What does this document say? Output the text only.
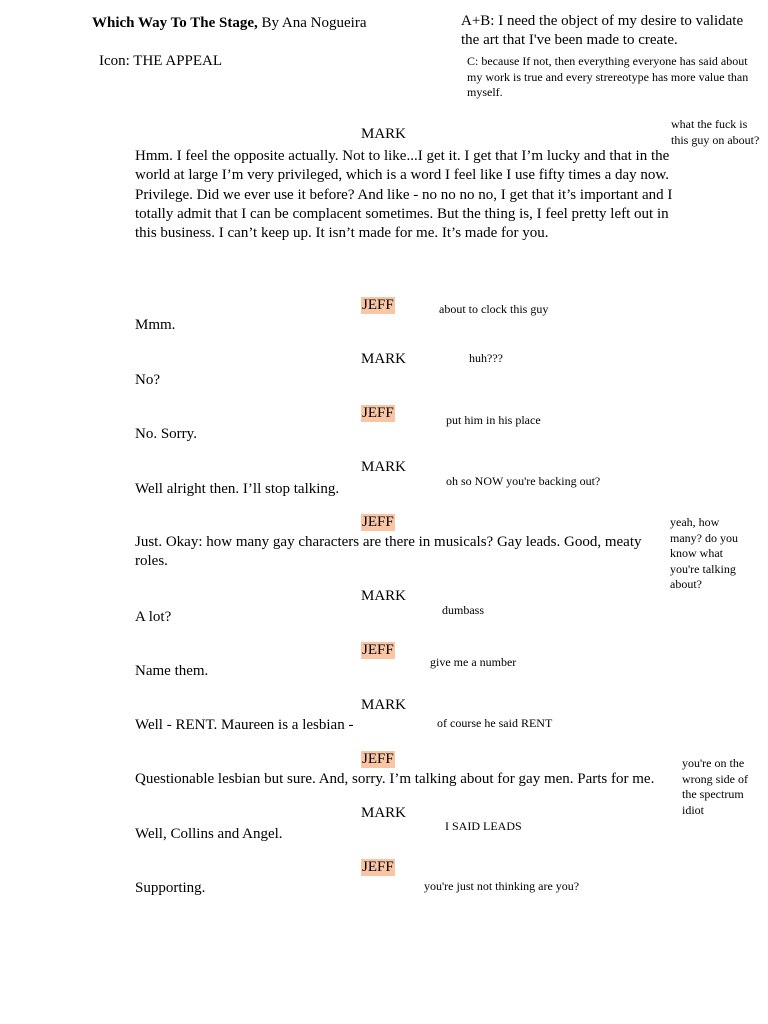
Which Way To The Stage, By Ana Nogueira
Icon: THE APPEAL
A+B: I need the object of my desire to validate the art that I've been made to create.
C: because If not, then everything everyone has said about my work is true and every strereotype has more value than myself.
MARK
Hmm. I feel the opposite actually. Not to like...I get it. I get that I’m lucky and that in the world at large I’m very privileged, which is a word I feel like I use fifty times a day now. Privilege. Did we ever use it before? And like - no no no no, I get that it’s important and I totally admit that I can be complacent sometimes. But the thing is, I feel pretty left out in this business. I can’t keep up. It isn’t made for me. It’s made for you.
what the fuck is this guy on about?
JEFF
Mmm.
about to clock this guy
MARK
No?
huh???
JEFF
No. Sorry.
put him in his place
MARK
Well alright then. I’ll stop talking.	oh so NOW you're backing out?
JEFF
Just. Okay: how many gay characters are there in musicals? Gay leads. Good, meaty roles.
yeah, how many? do you know what you're talking about?
MARK
A lot?	dumbass
JEFF
Name them.
give me a number
MARK
Well - RENT. Maureen is a lesbian -	of course he said RENT
JEFF
Questionable lesbian but sure. And, sorry. I’m talking about for gay men. Parts for me.
you're on the wrong side of the spectrum idiot
MARK
Well, Collins and Angel.	I SAID LEADS
JEFF
Supporting.	you're just not thinking are you?
